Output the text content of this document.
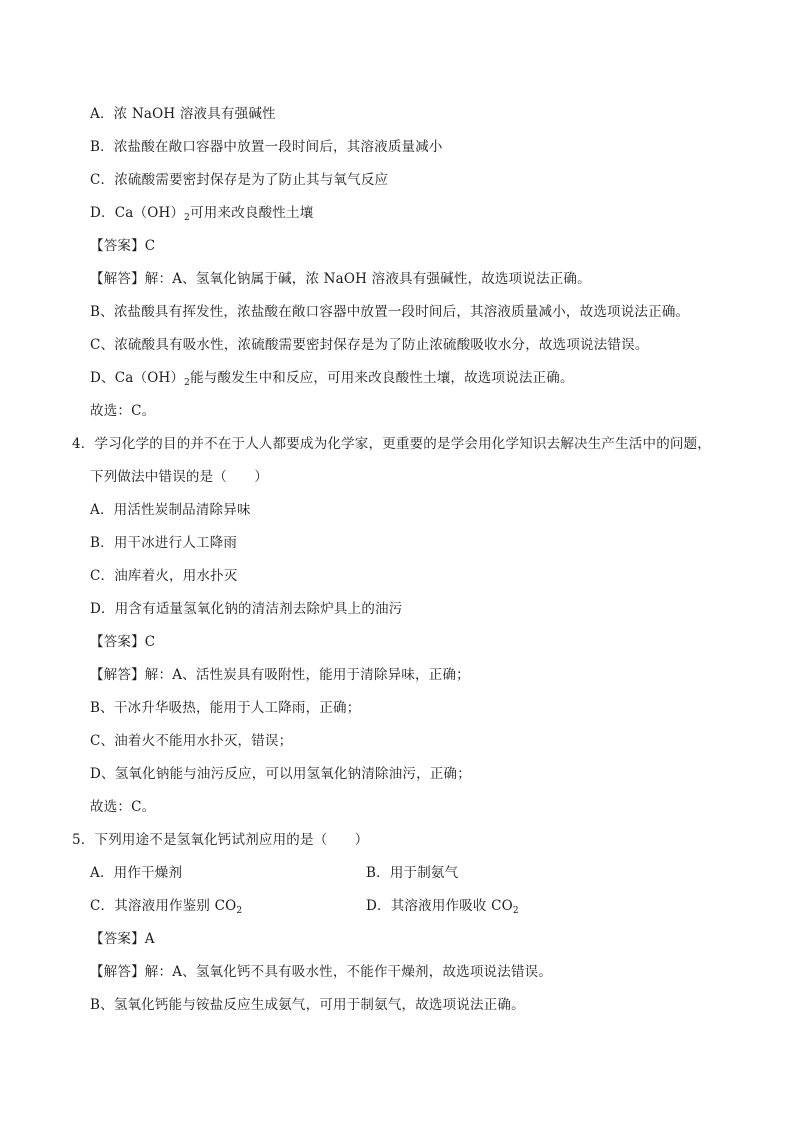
A．浓 NaOH 溶液具有强碱性
B．浓盐酸在敞口容器中放置一段时间后，其溶液质量减小
C．浓硫酸需要密封保存是为了防止其与氧气反应
D．$Ca(OH)_2$可用来改良酸性土壤
【答案】C
【解答】解：A、氢氧化钠属于碱，浓 NaOH 溶液具有强碱性，故选项说法正确。
B、浓盐酸具有挥发性，浓盐酸在敞口容器中放置一段时间后，其溶液质量减小，故选项说法正确。
C、浓硫酸具有吸水性，浓硫酸需要密封保存是为了防止浓硫酸吸收水分，故选项说法错误。
D、$Ca(OH)_2$能与酸发生中和反应，可用来改良酸性土壤，故选项说法正确。
故选：C。
4．学习化学的目的并不在于人人都要成为化学家，更重要的是学会用化学知识去解决生产生活中的问题，
下列做法中错误的是（　　）
A．用活性炭制品清除异味
B．用干冰进行人工降雨
C．油库着火，用水扑灭
D．用含有适量氢氧化钠的清洁剂去除炉具上的油污
【答案】C
【解答】解：A、活性炭具有吸附性，能用于清除异味，正确；
B、干冰升华吸热，能用于人工降雨，正确；
C、油着火不能用水扑灭，错误；
D、氢氧化钠能与油污反应，可以用氢氧化钠清除油污，正确；
故选：C。
5．下列用途不是氢氧化钙试剂应用的是（　　）
A．用作干燥剂	B．用于制氨气
C．其溶液用作鉴别 $CO_2$	D．其溶液用作吸收 $CO_2$
【答案】A
【解答】解：A、氢氧化钙不具有吸水性，不能作干燥剂，故选项说法错误。
B、氢氧化钙能与铵盐反应生成氨气，可用于制氨气，故选项说法正确。
